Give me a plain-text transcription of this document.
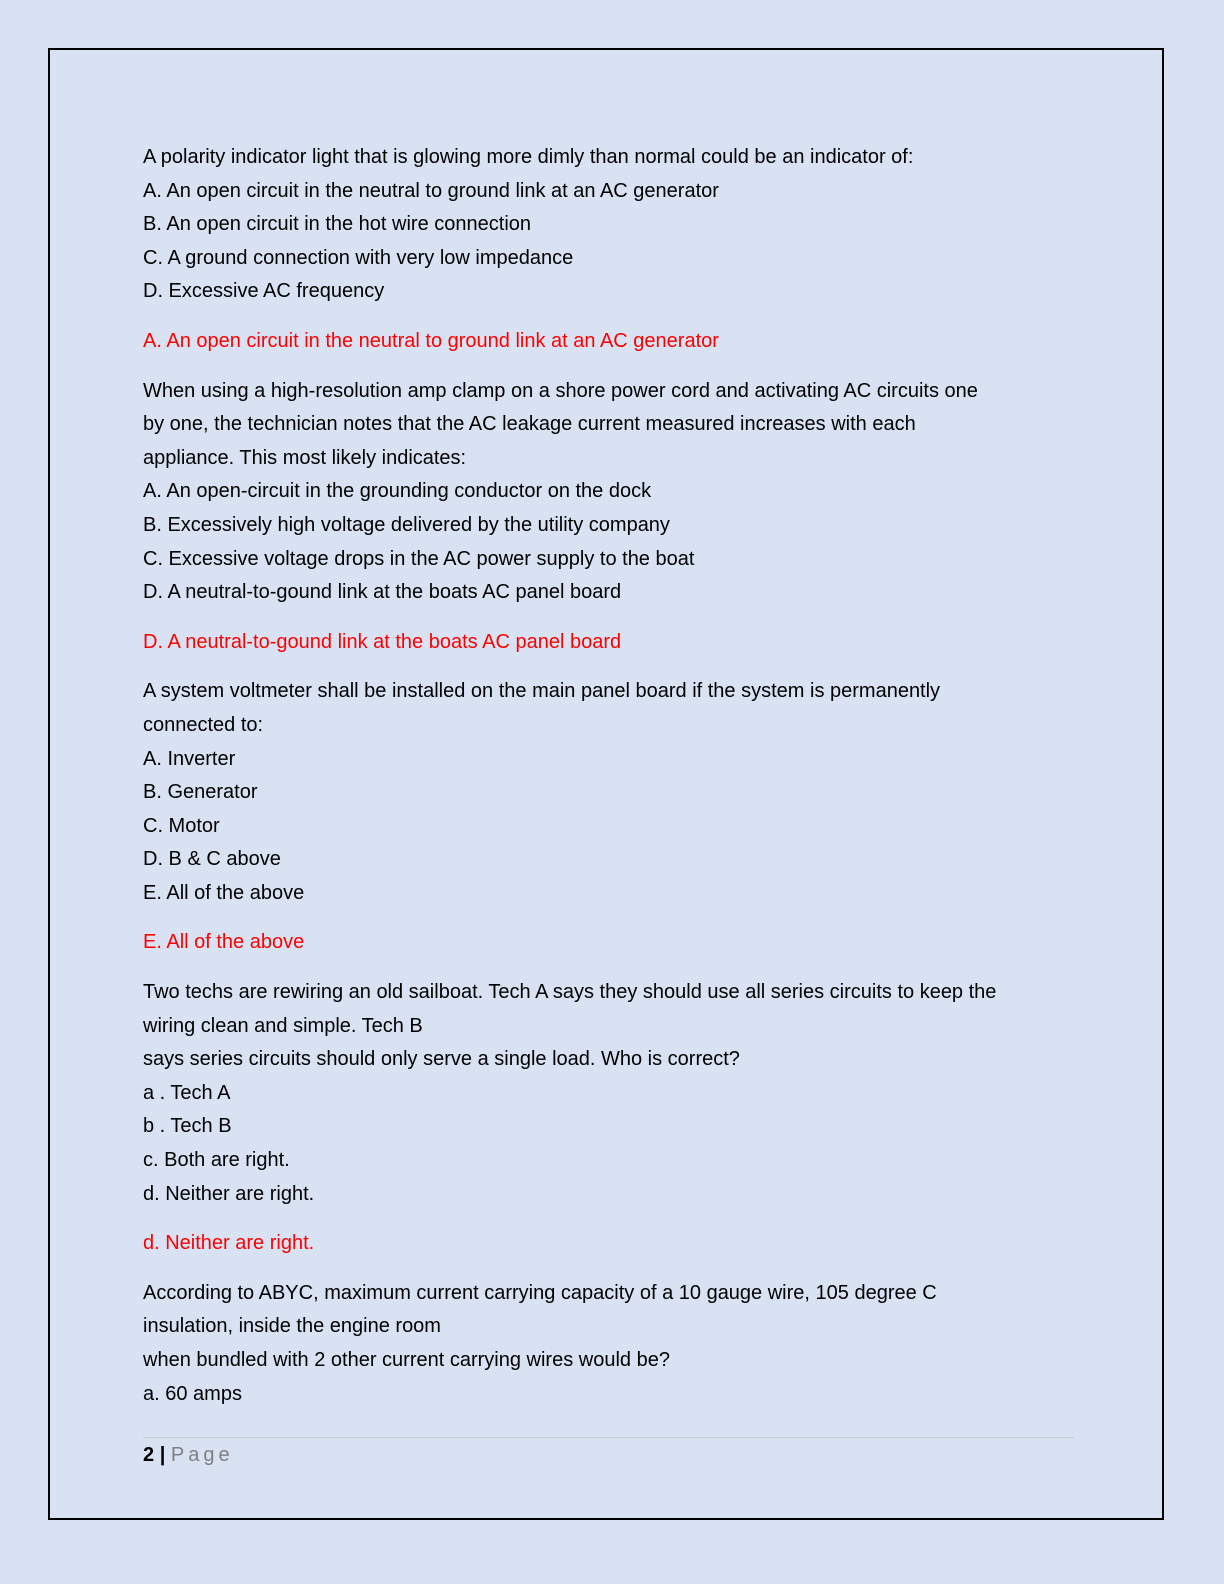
A polarity indicator light that is glowing more dimly than normal could be an indicator of:
A. An open circuit in the neutral to ground link at an AC generator
B. An open circuit in the hot wire connection
C. A ground connection with very low impedance
D. Excessive AC frequency
A. An open circuit in the neutral to ground link at an AC generator
When using a high-resolution amp clamp on a shore power cord and activating AC circuits one
by one, the technician notes that the AC leakage current measured increases with each
appliance. This most likely indicates:
A. An open-circuit in the grounding conductor on the dock
B. Excessively high voltage delivered by the utility company
C. Excessive voltage drops in the AC power supply to the boat
D. A neutral-to-gound link at the boats AC panel board
D. A neutral-to-gound link at the boats AC panel board
A system voltmeter shall be installed on the main panel board if the system is permanently
connected to:
A. Inverter
B. Generator
C. Motor
D. B & C above
E. All of the above
E. All of the above
Two techs are rewiring an old sailboat. Tech A says they should use all series circuits to keep the
wiring clean and simple. Tech B
says series circuits should only serve a single load. Who is correct?
a . Tech A
b . Tech B
c. Both are right.
d. Neither are right.
d. Neither are right.
According to ABYC, maximum current carrying capacity of a 10 gauge wire, 105 degree C
insulation, inside the engine room
when bundled with 2 other current carrying wires would be?
a. 60 amps
2 | Page
